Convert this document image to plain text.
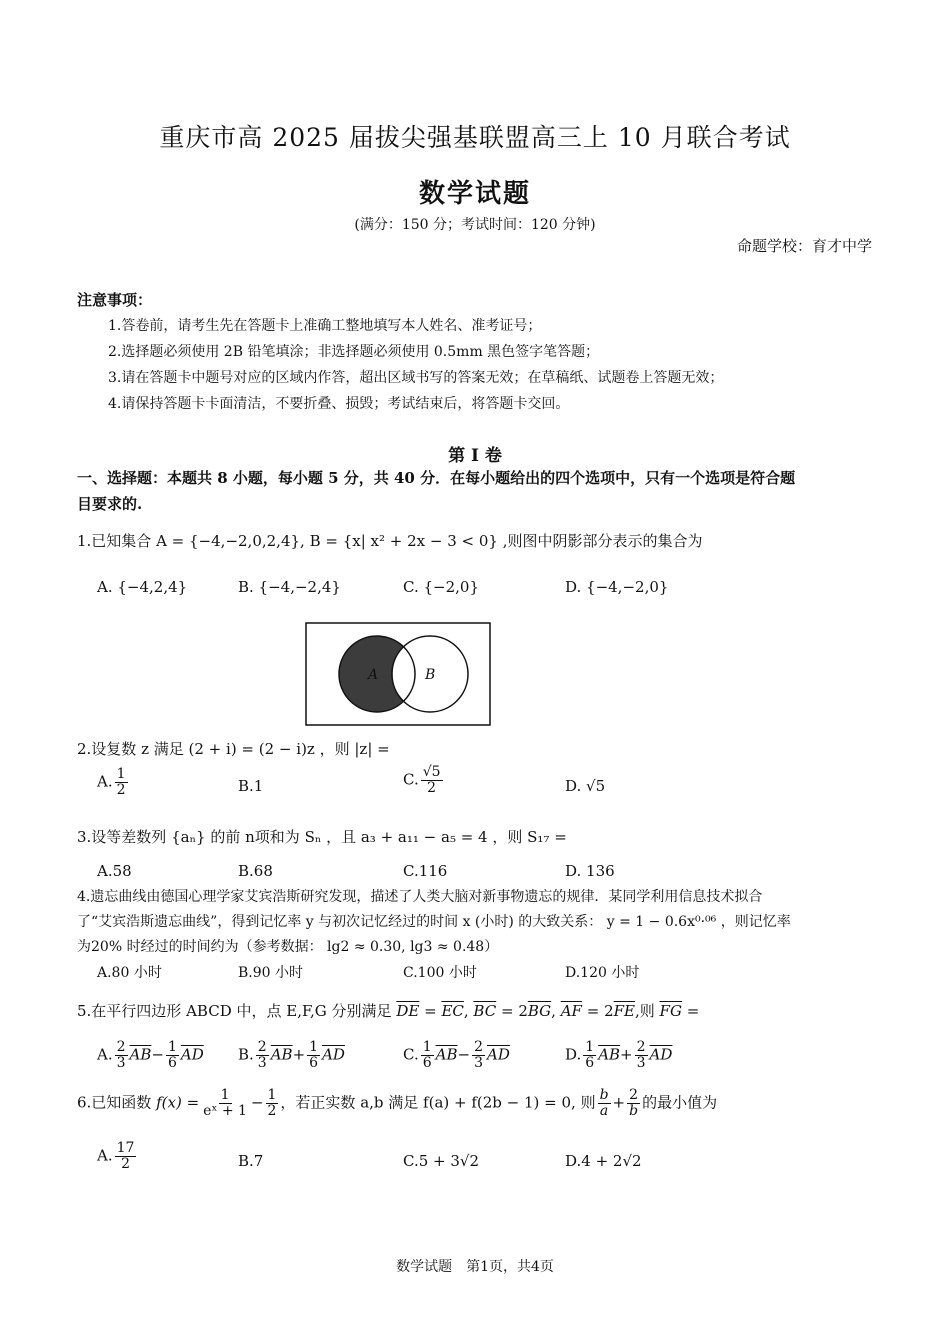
重庆市高 2025 届拔尖强基联盟高三上 10 月联合考试
数学试题
(满分：150 分；考试时间：120 分钟)
命题学校：育才中学
注意事项：
1.答卷前，请考生先在答题卡上准确工整地填写本人姓名、准考证号；
2.选择题必须使用 2B 铅笔填涂；非选择题必须使用 0.5mm 黑色签字笔答题；
3.请在答题卡中题号对应的区域内作答，超出区域书写的答案无效；在草稿纸、试题卷上答题无效；
4.请保持答题卡卡面清洁，不要折叠、损毁；考试结束后，将答题卡交回。
第 I 卷
一、选择题：本题共 8 小题，每小题 5 分，共 40 分．在每小题给出的四个选项中，只有一个选项是符合题
目要求的.
1.已知集合 A = {−4,−2,0,2,4}, B = {x| x² + 2x − 3 < 0} ,则图中阴影部分表示的集合为
A. {−4,2,4}	B. {−4,−2,4}	C. {−2,0}	D. {−4,−2,0}
A	B
2.设复数 z 满足 (2 + i) = (2 − i)z ，则 |z| =
A. $\frac{1}{2}$	B.1	C. $\frac{√5}{2}$	D. √5
3.设等差数列 {aₙ} 的前 n项和为 Sₙ ，且 a₃ + a₁₁ − a₅ = 4 ，则 S₁₇ =
A.58	B.68	C.116	D. 136
4.遗忘曲线由德国心理学家艾宾浩斯研究发现，描述了人类大脑对新事物遗忘的规律．某同学利用信息技术拟合
了“艾宾浩斯遗忘曲线”，得到记忆率 y 与初次记忆经过的时间 x (小时) 的大致关系： y = 1 − 0.6x⁰·⁰⁶ ，则记忆率
为20% 时经过的时间约为（参考数据： lg2 ≈ 0.30, lg3 ≈ 0.48）
A.80 小时	B.90 小时	C.100 小时	D.120 小时
5.在平行四边形 ABCD 中，点 E,F,G 分别满足 $\overline{DE} = \overline{EC}$, $\overline{BC} = 2\overline{BG}$, $\overline{AF} = 2\overline{FE}$,则 $\overline{FG}$ =
A. $\frac{2}{3} \overline{AB}- \frac{1}{6} \overline{AD}$ B. $\frac{2}{3} \overline{AB}+ \frac{1}{6} \overline{AD}$	C. $\frac{1}{6} \overline{AB}- \frac{2}{3} \overline{AD}$	D. $\frac{1}{6} \overline{AB}+ \frac{2}{3} \overline{AD}$
6.已知函数 $f(x) = \frac{1}{\text{eˣ + 1}} - \frac{1}{2}$ ，若正实数 a,b 满足 f(a) + f(2b − 1) = 0, 则 $\frac{b}{a} + \frac{2}{b}$ 的最小值为
A. $\frac{17}{2}$	B.7	C.5 + 3√2	D.4 + 2√2
数学试题　第1页，共4页
